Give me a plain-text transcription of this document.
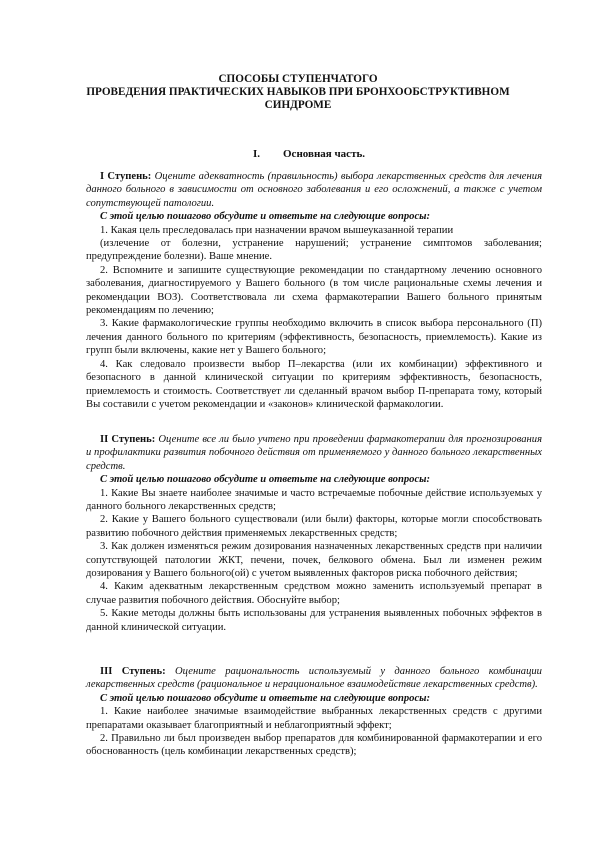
СПОСОБЫ СТУПЕНЧАТОГО
ПРОВЕДЕНИЯ ПРАКТИЧЕСКИХ НАВЫКОВ ПРИ БРОНХООБСТРУКТИВНОМ
СИНДРОМЕ
I. Основная часть.

I Ступень: Оцените адекватность (правильность) выбора лекарственных средств для лечения данного больного в зависимости от основного заболевания и его осложнений, а также с учетом сопутствующей патологии.

С этой целью пошагово обсудите и ответьте на следующие вопросы:

1. Какая цель преследовалась при назначении врачом вышеуказанной терапии

(излечение от болезни, устранение нарушений; устранение симптомов заболевания; предупреждение болезни). Ваше мнение.

2. Вспомните и запишите существующие рекомендации по стандартному лечению основного заболевания, диагностируемого у Вашего больного (в том числе рациональные схемы лечения и рекомендации ВОЗ). Соответствовала ли схема фармакотерапии Вашего больного принятым рекомендациям по лечению;

3. Какие фармакологические группы необходимо включить в список выбора персонального (П) лечения данного больного по критериям (эффективность, безопасность, приемлемость). Какие из групп были включены, какие нет у Вашего больного;

4. Как следовало произвести выбор П–лекарства (или их комбинации) эффективного и безопасного в данной клинической ситуации по критериям эффективность, безопасность, приемлемость и стоимость. Соответствует ли сделанный врачом выбор П-препарата тому, который Вы составили с учетом рекомендации и «законов» клинической фармакологии.

II Ступень: Оцените все ли было учтено при проведении фармакотерапии для прогнозирования и профилактики развития побочного действия от применяемого у данного больного лекарственных средств.

С этой целью пошагово обсудите и ответьте на следующие вопросы:

1. Какие Вы знаете наиболее значимые и часто встречаемые побочные действие используемых у данного больного лекарственных средств;

2. Какие у Вашего больного существовали (или были) факторы, которые могли способствовать развитию побочного действия применяемых лекарственных средств;

3. Как должен изменяться режим дозирования назначенных лекарственных средств при наличии сопутствующей патологии ЖКТ, печени, почек, белкового обмена. Был ли изменен режим дозирования у Вашего больного(ой) с учетом выявленных факторов риска побочного действия;

4. Каким адекватным лекарственным средством можно заменить используемый препарат в случае развития побочного действия. Обоснуйте выбор;

5. Какие методы должны быть использованы для устранения выявленных побочных эффектов в данной клинической ситуации.

III Ступень: Оцените рациональность используемый у данного больного комбинации лекарственных средств (рациональное и нерациональное взаимодействие лекарственных средств).

С этой целью пошагово обсудите и ответьте на следующие вопросы:

1. Какие наиболее значимые взаимодействие выбранных лекарственных средств с другими препаратами оказывает благоприятный и неблагоприятный эффект;

2. Правильно ли был произведен выбор препаратов для комбинированной фармакотерапии и его обоснованность (цель комбинации лекарственных средств);
